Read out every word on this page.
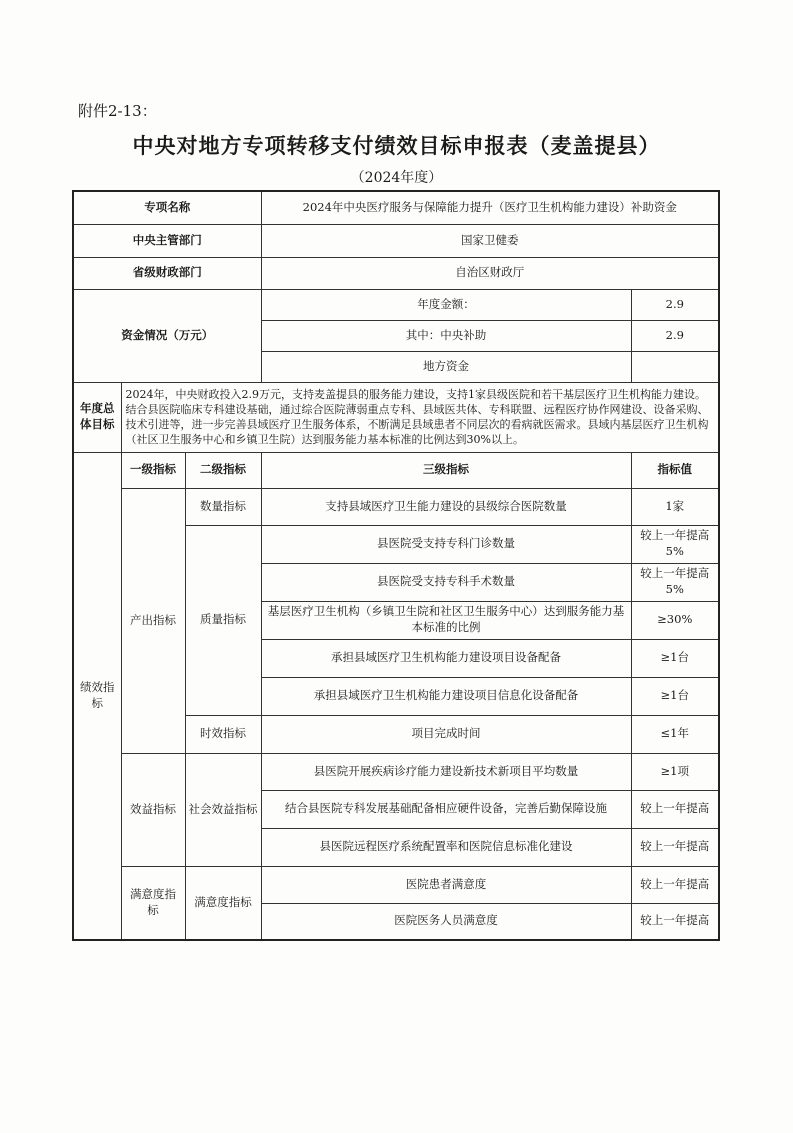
附件2-13：
中央对地方专项转移支付绩效目标申报表（麦盖提县）
（2024年度）
专项名称			2024年中央医疗服务与保障能力提升（医疗卫生机构能力建设）补助资金	
中央主管部门			国家卫健委	
省级财政部门			自治区财政厅	
资金情况（万元）			年度金额：	2.9
			其中：中央补助	2.9
			地方资金	
年度总
体目标	2024年，中央财政投入2.9万元，支持麦盖提县的服务能力建设，支持1家县级医院和若干基层医疗卫生机构能力建设。结合县医院临床专科建设基础，通过综合医院薄弱重点专科、县域医共体、专科联盟、远程医疗协作网建设、设备采购、技术引进等，进一步完善县域医疗卫生服务体系，不断满足县域患者不同层次的看病就医需求。县域内基层医疗卫生机构（社区卫生服务中心和乡镇卫生院）达到服务能力基本标准的比例达到30%以上。			
绩效指
标	一级指标	二级指标	三级指标	指标值
	产出指标	数量指标	支持县域医疗卫生能力建设的县级综合医院数量	1家
		质量指标	县医院受支持专科门诊数量	较上一年提高5%
			县医院受支持专科手术数量	较上一年提高5%
			基层医疗卫生机构（乡镇卫生院和社区卫生服务中心）达到服务能力基本标准的比例	≥30%
			承担县域医疗卫生机构能力建设项目设备配备	≥1台
			承担县域医疗卫生机构能力建设项目信息化设备配备	≥1台
		时效指标	项目完成时间	≤1年
	效益指标	社会效益指标	县医院开展疾病诊疗能力建设新技术新项目平均数量	≥1项
			结合县医院专科发展基础配备相应硬件设备，完善后勤保障设施	较上一年提高
			县医院远程医疗系统配置率和医院信息标准化建设	较上一年提高
	满意度指标	满意度指标	医院患者满意度	较上一年提高
			医院医务人员满意度	较上一年提高
